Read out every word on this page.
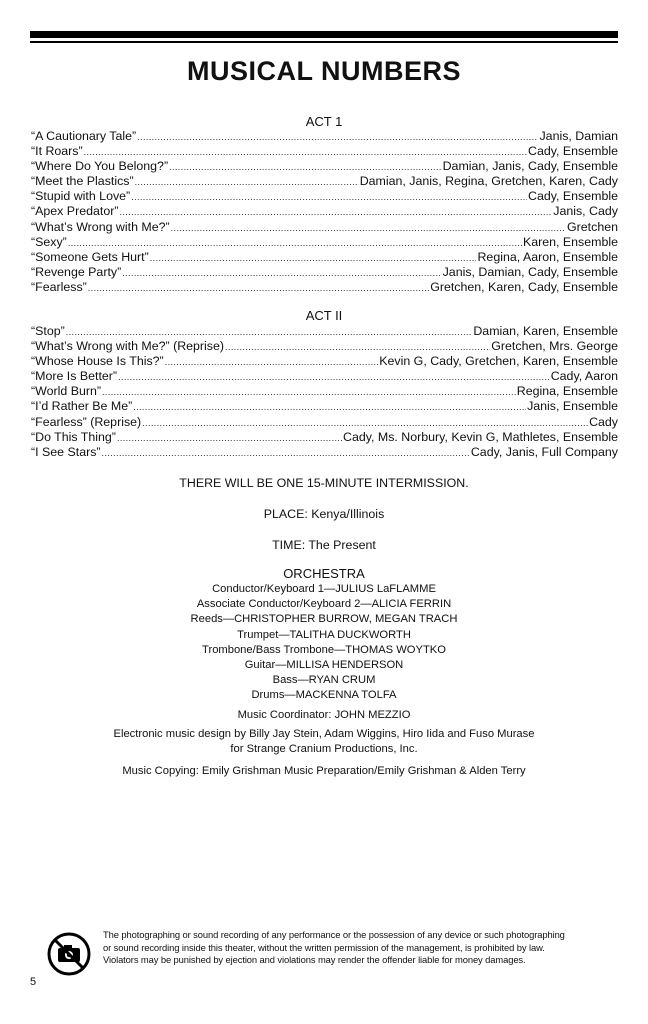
MUSICAL NUMBERS
ACT 1
“A Cautionary Tale” .....	Janis, Damian
“It Roars” .....	Cady, Ensemble
“Where Do You Belong?” .....	Damian, Janis, Cady, Ensemble
“Meet the Plastics” .....	Damian, Janis, Regina, Gretchen, Karen, Cady
“Stupid with Love” .....	Cady, Ensemble
“Apex Predator” .....	Janis, Cady
“What’s Wrong with Me?” .....	Gretchen
“Sexy” .....	Karen, Ensemble
“Someone Gets Hurt” .....	Regina, Aaron, Ensemble
“Revenge Party” .....	Janis, Damian, Cady, Ensemble
“Fearless” .....	Gretchen, Karen, Cady, Ensemble
ACT II
“Stop” .....	Damian, Karen, Ensemble
“What’s Wrong with Me?” (Reprise) .....	Gretchen, Mrs. George
“Whose House Is This?” .....	Kevin G, Cady, Gretchen, Karen, Ensemble
“More Is Better” .....	Cady, Aaron
“World Burn” .....	Regina, Ensemble
“I’d Rather Be Me” .....	Janis, Ensemble
“Fearless” (Reprise) .....	Cady
“Do This Thing” .....	Cady, Ms. Norbury, Kevin G, Mathletes, Ensemble
“I See Stars” .....	Cady, Janis, Full Company
THERE WILL BE ONE 15-MINUTE INTERMISSION.
PLACE: Kenya/Illinois
TIME: The Present
ORCHESTRA
Conductor/Keyboard 1—JULIUS LaFLAMME
Associate Conductor/Keyboard 2—ALICIA FERRIN
Reeds—CHRISTOPHER BURROW, MEGAN TRACH
Trumpet—TALITHA DUCKWORTH
Trombone/Bass Trombone—THOMAS WOYTKO
Guitar—MILLISA HENDERSON
Bass—RYAN CRUM
Drums—MACKENNA TOLFA
Music Coordinator: JOHN MEZZIO
Electronic music design by Billy Jay Stein, Adam Wiggins, Hiro Iida and Fuso Murase
for Strange Cranium Productions, Inc.
Music Copying: Emily Grishman Music Preparation/Emily Grishman & Alden Terry
The photographing or sound recording of any performance or the possession of any device or such photographing
or sound recording inside this theater, without the written permission of the management, is prohibited by law.
Violators may be punished by ejection and violations may render the offender liable for money damages.
5
